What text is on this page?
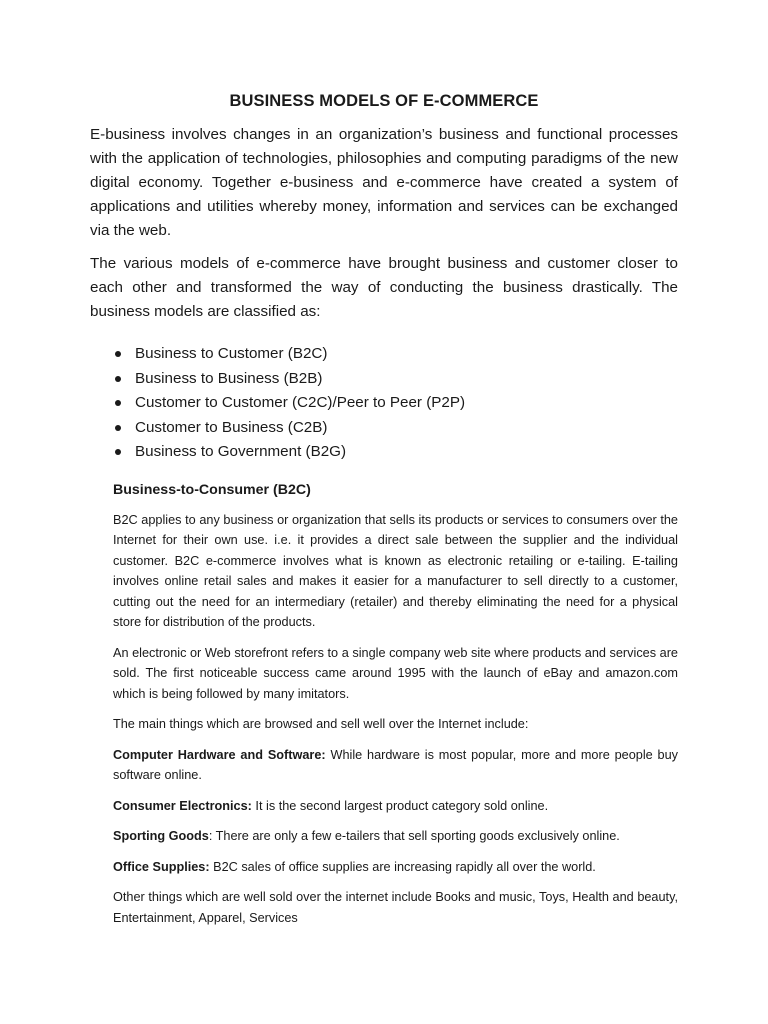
BUSINESS MODELS OF E-COMMERCE

E-business involves changes in an organization’s business and functional processes with the application of technologies, philosophies and computing paradigms of the new digital economy. Together e-business and e-commerce have created a system of applications and utilities whereby money, information and services can be exchanged via the web.

The various models of e-commerce have brought business and customer closer to each other and transformed the way of conducting the business drastically. The business models are classified as:

Business to Customer (B2C)
Business to Business (B2B)
Customer to Customer (C2C)/Peer to Peer (P2P)
Customer to Business (C2B)
Business to Government (B2G)
Business-to-Consumer (B2C)

B2C applies to any business or organization that sells its products or services to consumers over the Internet for their own use. i.e. it provides a direct sale between the supplier and the individual customer. B2C e-commerce involves what is known as electronic retailing or e-tailing. E-tailing involves online retail sales and makes it easier for a manufacturer to sell directly to a customer, cutting out the need for an intermediary (retailer) and thereby eliminating the need for a physical store for distribution of the products.

An electronic or Web storefront refers to a single company web site where products and services are sold. The first noticeable success came around 1995 with the launch of eBay and amazon.com which is being followed by many imitators.

The main things which are browsed and sell well over the Internet include:

Computer Hardware and Software: While hardware is most popular, more and more people buy software online.

Consumer Electronics: It is the second largest product category sold online.

Sporting Goods: There are only a few e-tailers that sell sporting goods exclusively online.

Office Supplies: B2C sales of office supplies are increasing rapidly all over the world.

Other things which are well sold over the internet include Books and music, Toys, Health and beauty, Entertainment, Apparel, Services
